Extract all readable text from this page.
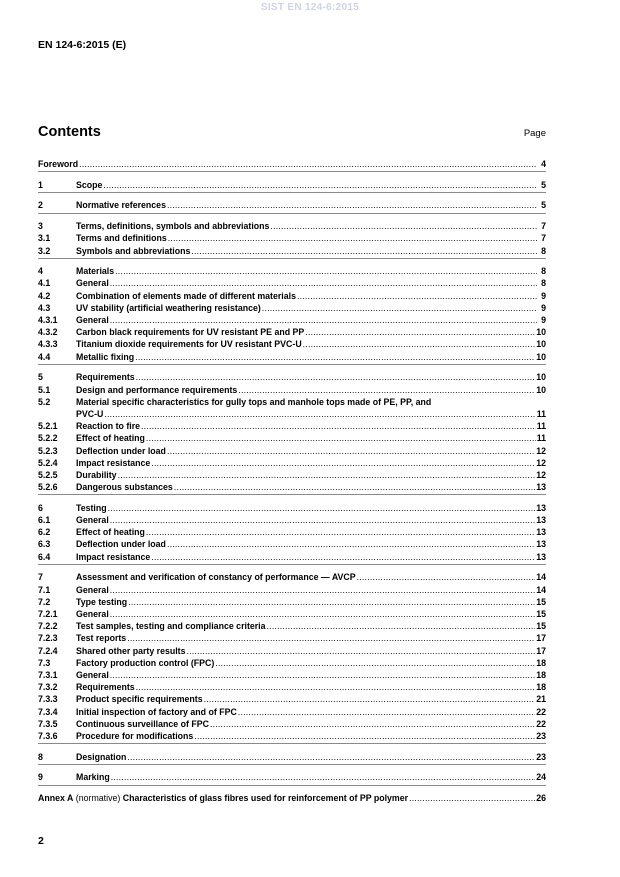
SIST EN 124-6:2015
EN 124-6:2015 (E)
Contents	Page
Foreword .....	4
1	Scope .....	5
2	Normative references .....	5
3	Terms, definitions, symbols and abbreviations .....	7
3.1	Terms and definitions .....	7
3.2	Symbols and abbreviations .....	8
4	Materials .....	8
4.1	General .....	8
4.2	Combination of elements made of different materials .....	9
4.3	UV stability (artificial weathering resistance) .....	9
4.3.1	General .....	9
4.3.2	Carbon black requirements for UV resistant PE and PP .....	10
4.3.3	Titanium dioxide requirements for UV resistant PVC-U .....	10
4.4	Metallic fixing .....	10
5	Requirements .....	10
5.1	Design and performance requirements .....	10
5.2	Material specific characteristics for gully tops and manhole tops made of PE, PP, and
PVC-U .....	11
5.2.1	Reaction to fire .....	11
5.2.2	Effect of heating .....	11
5.2.3	Deflection under load .....	12
5.2.4	Impact resistance .....	12
5.2.5	Durability .....	12
5.2.6	Dangerous substances .....	13
6	Testing .....	13
6.1	General .....	13
6.2	Effect of heating .....	13
6.3	Deflection under load .....	13
6.4	Impact resistance .....	13
7	Assessment and verification of constancy of performance — AVCP .....	14
7.1	General .....	14
7.2	Type testing .....	15
7.2.1	General .....	15
7.2.2	Test samples, testing and compliance criteria .....	15
7.2.3	Test reports .....	17
7.2.4	Shared other party results .....	17
7.3	Factory production control (FPC) .....	18
7.3.1	General .....	18
7.3.2	Requirements .....	18
7.3.3	Product specific requirements .....	21
7.3.4	Initial inspection of factory and of FPC .....	22
7.3.5	Continuous surveillance of FPC .....	22
7.3.6	Procedure for modifications .....	23
8	Designation .....	23
9	Marking .....	24
Annex A (normative) Characteristics of glass fibres used for reinforcement of PP polymer .....	26
2
